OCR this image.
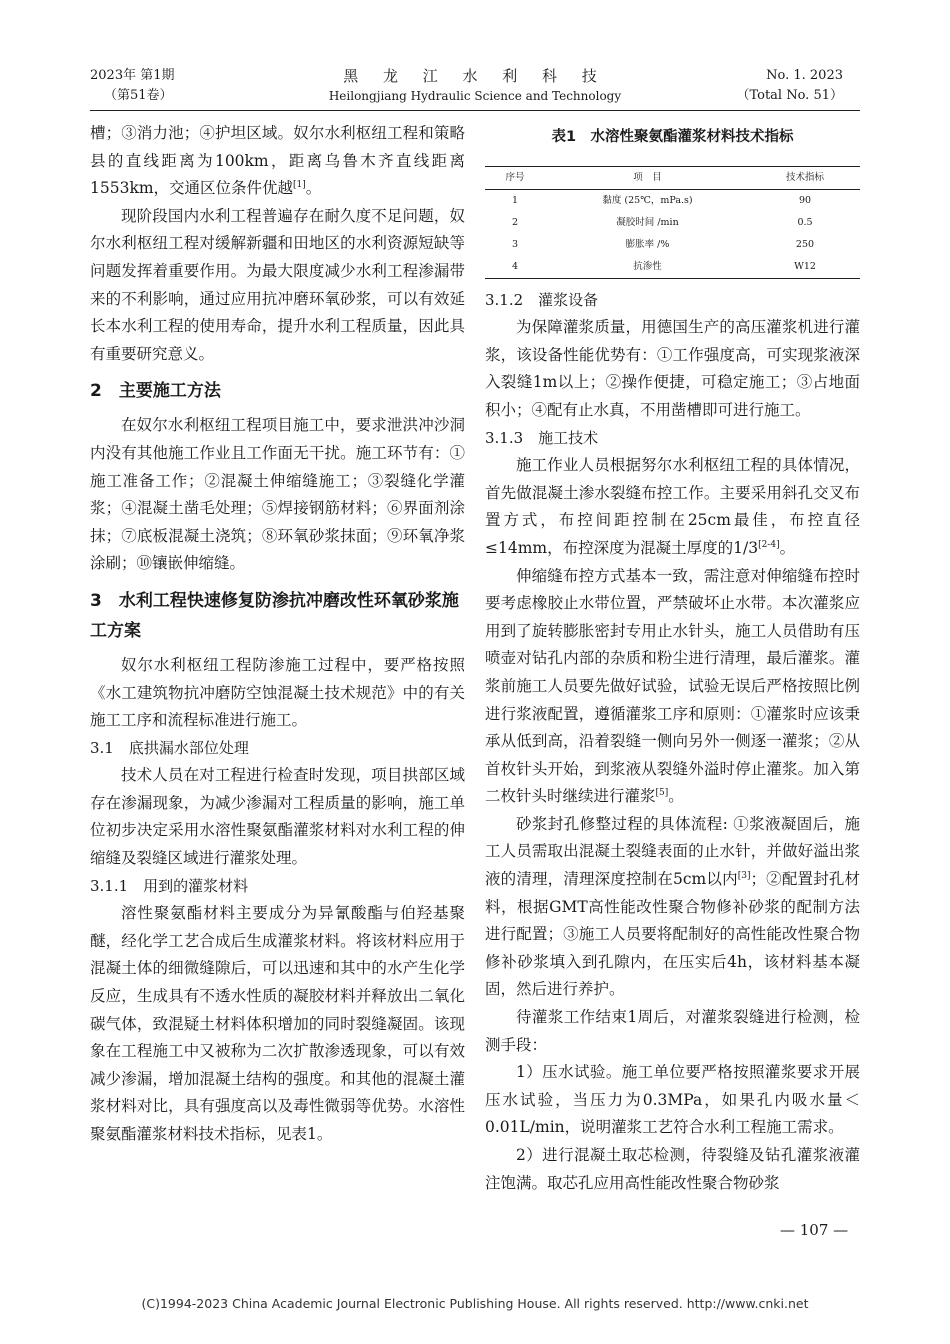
2023年 第1期
（第51卷）
黑 龙 江 水 利 科 技
Heilongjiang Hydraulic Science and Technology
No. 1. 2023
（Total No. 51）

槽；③消力池；④护坦区域。奴尔水利枢纽工程和策略县的直线距离为100km，距离乌鲁木齐直线距离1553km，交通区位条件优越[1]。

现阶段国内水利工程普遍存在耐久度不足问题，奴尔水利枢纽工程对缓解新疆和田地区的水利资源短缺等问题发挥着重要作用。为最大限度减少水利工程渗漏带来的不利影响，通过应用抗冲磨环氧砂浆，可以有效延长本水利工程的使用寿命，提升水利工程质量，因此具有重要研究意义。

2　主要施工方法

在奴尔水利枢纽工程项目施工中，要求泄洪冲沙洞内没有其他施工作业且工作面无干扰。施工环节有：①施工准备工作；②混凝土伸缩缝施工；③裂缝化学灌浆；④混凝土凿毛处理；⑤焊接钢筋材料；⑥界面剂涂抹；⑦底板混凝土浇筑；⑧环氧砂浆抹面；⑨环氧净浆涂刷；⑩镶嵌伸缩缝。

3　水利工程快速修复防渗抗冲磨改性环氧砂浆施工方案

奴尔水利枢纽工程防渗施工过程中，要严格按照《水工建筑物抗冲磨防空蚀混凝土技术规范》中的有关施工工序和流程标准进行施工。

3.1　底拱漏水部位处理

技术人员在对工程进行检查时发现，项目拱部区域存在渗漏现象，为减少渗漏对工程质量的影响，施工单位初步决定采用水溶性聚氨酯灌浆材料对水利工程的伸缩缝及裂缝区域进行灌浆处理。

3.1.1　用到的灌浆材料

溶性聚氨酯材料主要成分为异氰酸酯与伯羟基聚醚，经化学工艺合成后生成灌浆材料。将该材料应用于混凝土体的细微缝隙后，可以迅速和其中的水产生化学反应，生成具有不透水性质的凝胶材料并释放出二氧化碳气体，致混疑土材料体积增加的同时裂缝凝固。该现象在工程施工中又被称为二次扩散渗透现象，可以有效减少渗漏，增加混凝土结构的强度。和其他的混凝土灌浆材料对比，具有强度高以及毒性微弱等优势。水溶性聚氨酯灌浆材料技术指标，见表1。

表1　水溶性聚氨酯灌浆材料技术指标
序号	项　目	技术指标
1	黏度 (25℃，mPa.s)	90
2	凝胶时间 /min	0.5
3	膨胀率 /%	250
4	抗渗性	W12
3.1.2　灌浆设备

为保障灌浆质量，用德国生产的高压灌浆机进行灌浆，该设备性能优势有：①工作强度高，可实现浆液深入裂缝1m以上；②操作便捷，可稳定施工；③占地面积小；④配有止水真，不用凿槽即可进行施工。

3.1.3　施工技术

施工作业人员根据努尔水利枢纽工程的具体情况，首先做混凝土渗水裂缝布控工作。主要采用斜孔交叉布置方式，布控间距控制在25cm最佳，布控直径≤14mm，布控深度为混凝土厚度的1/3[2-4]。

伸缩缝布控方式基本一致，需注意对伸缩缝布控时要考虑橡胶止水带位置，严禁破坏止水带。本次灌浆应用到了旋转膨胀密封专用止水针头，施工人员借助有压喷壶对钻孔内部的杂质和粉尘进行清理，最后灌浆。灌浆前施工人员要先做好试验，试验无误后严格按照比例进行浆液配置，遵循灌浆工序和原则：①灌浆时应该秉承从低到高，沿着裂缝一侧向另外一侧逐一灌浆；②从首枚针头开始，到浆液从裂缝外溢时停止灌浆。加入第二枚针头时继续进行灌浆[5]。

砂浆封孔修整过程的具体流程: ①浆液凝固后，施工人员需取出混凝土裂缝表面的止水针，并做好溢出浆液的清理，清理深度控制在5cm以内[3]；②配置封孔材料，根据GMT高性能改性聚合物修补砂浆的配制方法进行配置；③施工人员要将配制好的高性能改性聚合物修补砂浆填入到孔隙内，在压实后4h，该材料基本凝固，然后进行养护。

待灌浆工作结束1周后，对灌浆裂缝进行检测，检测手段：

1）压水试验。施工单位要严格按照灌浆要求开展压水试验，当压力为0.3MPa，如果孔内吸水量＜0.01L/min，说明灌浆工艺符合水利工程施工需求。

2）进行混凝土取芯检测，待裂缝及钻孔灌浆液灌注饱满。取芯孔应用高性能改性聚合物砂浆

— 107 —
(C)1994-2023 China Academic Journal Electronic Publishing House. All rights reserved. http://www.cnki.net
